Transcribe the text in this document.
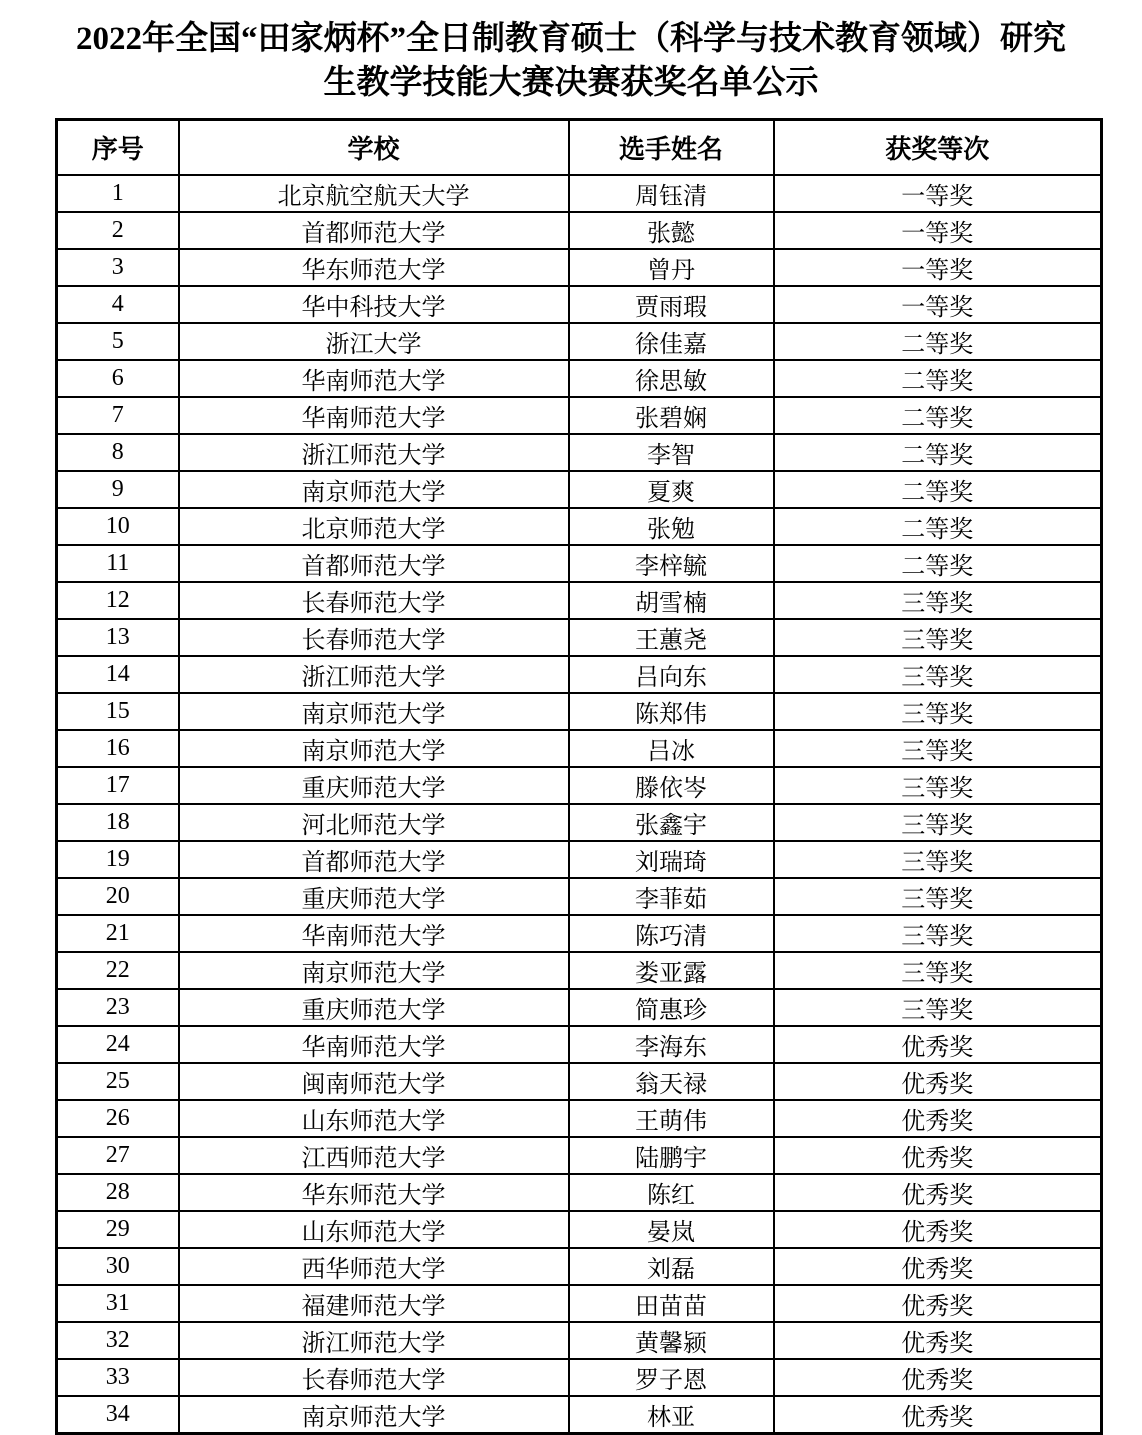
2022年全国“田家炳杯”全日制教育硕士（科学与技术教育领域）研究生教学技能大赛决赛获奖名单公示
序号	学校	选手姓名	获奖等次
1	北京航空航天大学	周钰清	一等奖
2	首都师范大学	张懿	一等奖
3	华东师范大学	曾丹	一等奖
4	华中科技大学	贾雨瑕	一等奖
5	浙江大学	徐佳嘉	二等奖
6	华南师范大学	徐思敏	二等奖
7	华南师范大学	张碧娴	二等奖
8	浙江师范大学	李智	二等奖
9	南京师范大学	夏爽	二等奖
10	北京师范大学	张勉	二等奖
11	首都师范大学	李梓毓	二等奖
12	长春师范大学	胡雪楠	三等奖
13	长春师范大学	王蕙尧	三等奖
14	浙江师范大学	吕向东	三等奖
15	南京师范大学	陈郑伟	三等奖
16	南京师范大学	吕冰	三等奖
17	重庆师范大学	滕依岑	三等奖
18	河北师范大学	张鑫宇	三等奖
19	首都师范大学	刘瑞琦	三等奖
20	重庆师范大学	李菲茹	三等奖
21	华南师范大学	陈巧清	三等奖
22	南京师范大学	娄亚露	三等奖
23	重庆师范大学	简惠珍	三等奖
24	华南师范大学	李海东	优秀奖
25	闽南师范大学	翁天禄	优秀奖
26	山东师范大学	王萌伟	优秀奖
27	江西师范大学	陆鹏宇	优秀奖
28	华东师范大学	陈红	优秀奖
29	山东师范大学	晏岚	优秀奖
30	西华师范大学	刘磊	优秀奖
31	福建师范大学	田苗苗	优秀奖
32	浙江师范大学	黄馨颍	优秀奖
33	长春师范大学	罗子恩	优秀奖
34	南京师范大学	林亚	优秀奖
